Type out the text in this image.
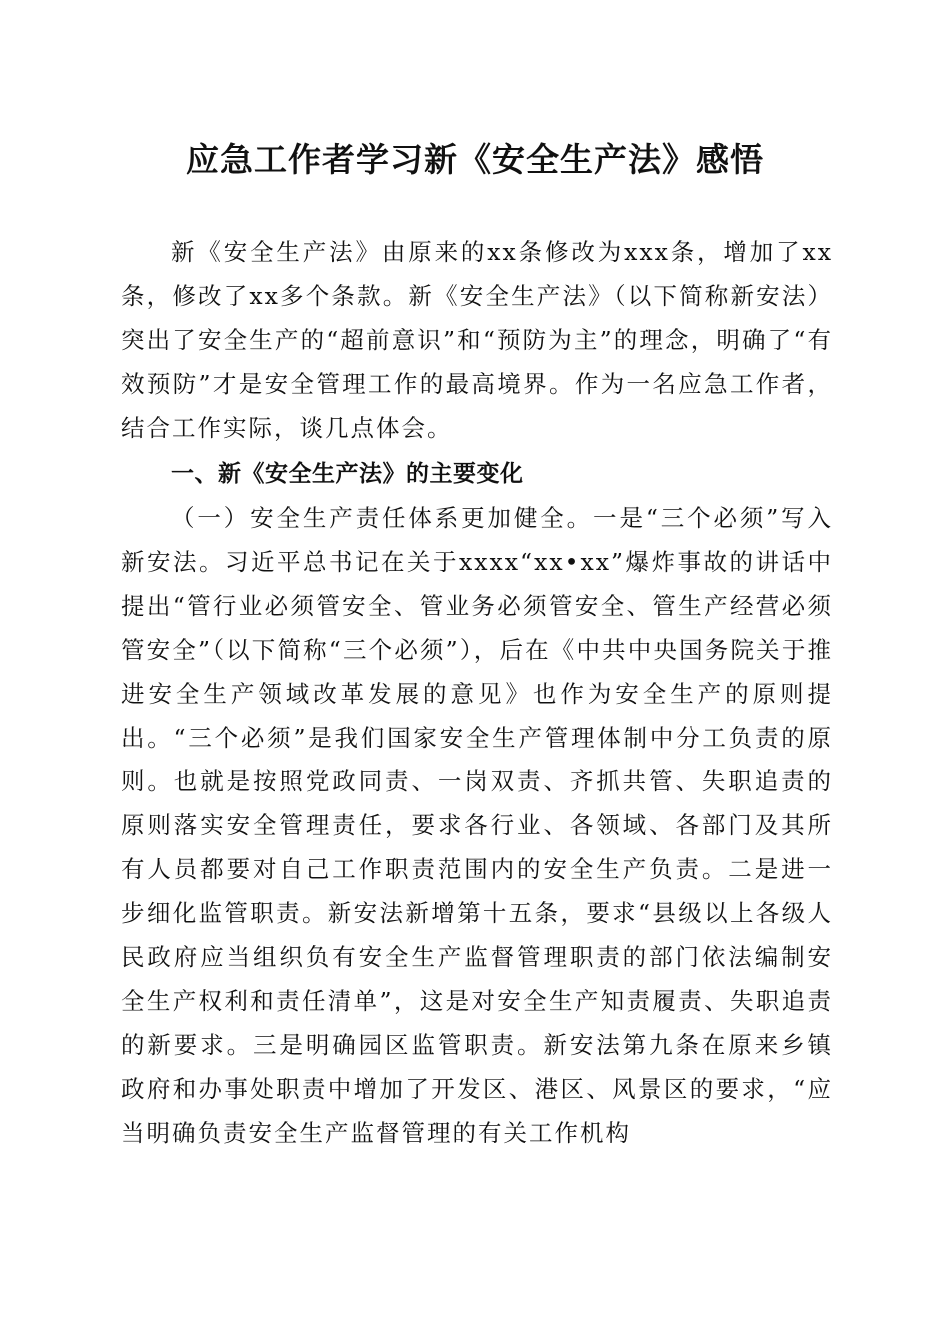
应急工作者学习新《安全生产法》感悟

新《安全生产法》由原来的xx条修改为xxx条，增加了xx条，修改了xx多个条款。新《安全生产法》（以下简称新安法）突出了安全生产的“超前意识”和“预防为主”的理念，明确了“有效预防”才是安全管理工作的最高境界。作为一名应急工作者，结合工作实际，谈几点体会。

一、新《安全生产法》的主要变化

（一）安全生产责任体系更加健全。一是“三个必须”写入新安法。习近平总书记在关于xxxx“xx•xx”爆炸事故的讲话中提出“管行业必须管安全、管业务必须管安全、管生产经营必须管安全”（以下简称“三个必须”），后在《中共中央国务院关于推进安全生产领域改革发展的意见》也作为安全生产的原则提出。“三个必须”是我们国家安全生产管理体制中分工负责的原则。也就是按照党政同责、一岗双责、齐抓共管、失职追责的原则落实安全管理责任，要求各行业、各领域、各部门及其所有人员都要对自己工作职责范围内的安全生产负责。二是进一步细化监管职责。新安法新增第十五条，要求“县级以上各级人民政府应当组织负有安全生产监督管理职责的部门依法编制安全生产权利和责任清单”，这是对安全生产知责履责、失职追责的新要求。三是明确园区监管职责。新安法第九条在原来乡镇政府和办事处职责中增加了开发区、港区、风景区的要求，“应当明确负责安全生产监督管理的有关工作机构
